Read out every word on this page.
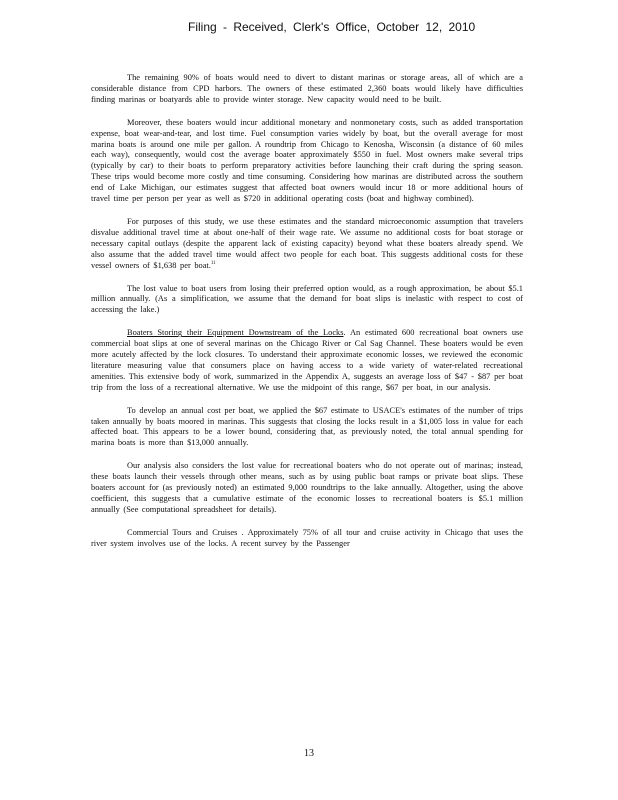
Filing - Received, Clerk's Office, October 12, 2010

The remaining 90% of boats would need to divert to distant marinas or storage areas, all of which are a considerable distance from CPD harbors. The owners of these estimated 2,360 boats would likely have difficulties finding marinas or boatyards able to provide winter storage. New capacity would need to be built.

Moreover, these boaters would incur additional monetary and nonmonetary costs, such as added transportation expense, boat wear-and-tear, and lost time. Fuel consumption varies widely by boat, but the overall average for most marina boats is around one mile per gallon. A roundtrip from Chicago to Kenosha, Wisconsin (a distance of 60 miles each way), consequently, would cost the average boater approximately $550 in fuel. Most owners make several trips (typically by car) to their boats to perform preparatory activities before launching their craft during the spring season. These trips would become more costly and time consuming. Considering how marinas are distributed across the southern end of Lake Michigan, our estimates suggest that affected boat owners would incur 18 or more additional hours of travel time per person per year as well as $720 in additional operating costs (boat and highway combined).

For purposes of this study, we use these estimates and the standard microeconomic assumption that travelers disvalue additional travel time at about one-half of their wage rate. We assume no additional costs for boat storage or necessary capital outlays (despite the apparent lack of existing capacity) beyond what these boaters already spend. We also assume that the added travel time would affect two people for each boat. This suggests additional costs for these vessel owners of $1,638 per boat.$^{11}$

The lost value to boat users from losing their preferred option would, as a rough approximation, be about $5.1 million annually. (As a simplification, we assume that the demand for boat slips is inelastic with respect to cost of accessing the lake.)

Boaters Storing their Equipment Downstream of the Locks. An estimated 600 recreational boat owners use commercial boat slips at one of several marinas on the Chicago River or Cal Sag Channel. These boaters would be even more acutely affected by the lock closures. To understand their approximate economic losses, we reviewed the economic literature measuring value that consumers place on having access to a wide variety of water-related recreational amenities. This extensive body of work, summarized in the Appendix A, suggests an average loss of $47 - $87 per boat trip from the loss of a recreational alternative. We use the midpoint of this range, $67 per boat, in our analysis.

To develop an annual cost per boat, we applied the $67 estimate to USACE's estimates of the number of trips taken annually by boats moored in marinas. This suggests that closing the locks result in a $1,005 loss in value for each affected boat. This appears to be a lower bound, considering that, as previously noted, the total annual spending for marina boats is more than $13,000 annually.

Our analysis also considers the lost value for recreational boaters who do not operate out of marinas; instead, these boats launch their vessels through other means, such as by using public boat ramps or private boat slips. These boaters account for (as previously noted) an estimated 9,000 roundtrips to the lake annually. Altogether, using the above coefficient, this suggests that a cumulative estimate of the economic losses to recreational boaters is $5.1 million annually (See computational spreadsheet for details).

Commercial Tours and Cruises . Approximately 75% of all tour and cruise activity in Chicago that uses the river system involves use of the locks. A recent survey by the Passenger

13
